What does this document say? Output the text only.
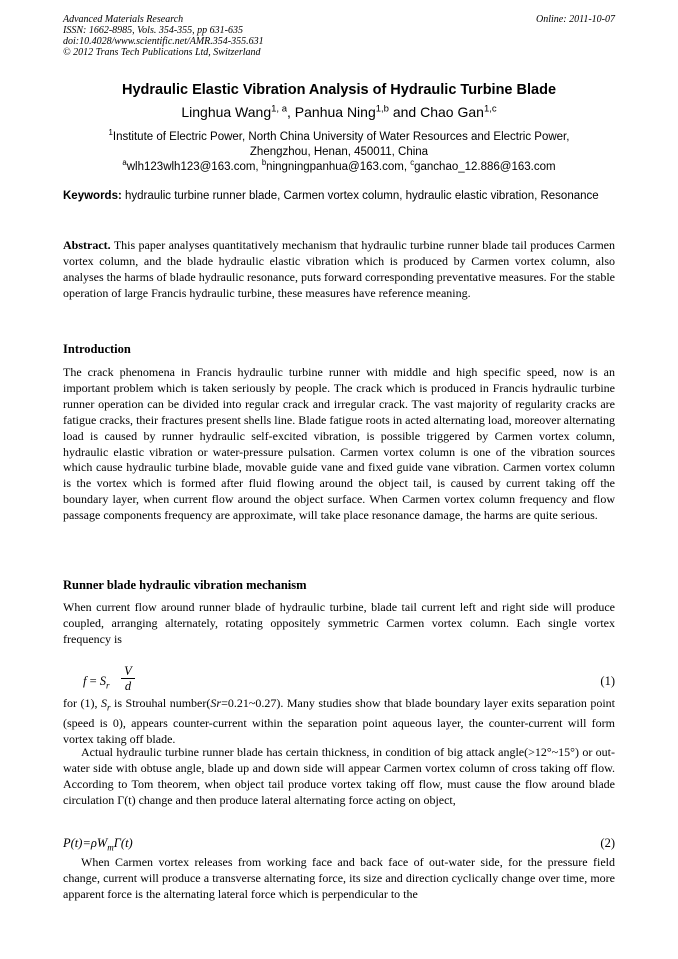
Advanced Materials Research
ISSN: 1662-8985, Vols. 354-355, pp 631-635
doi:10.4028/www.scientific.net/AMR.354-355.631
© 2012 Trans Tech Publications Ltd, Switzerland
Online: 2011-10-07
Hydraulic Elastic Vibration Analysis of Hydraulic Turbine Blade
Linghua Wang$^{1, a}$, Panhua Ning$^{1,b}$ and Chao Gan$^{1,c}$
$^1$Institute of Electric Power, North China University of Water Resources and Electric Power,
Zhengzhou, Henan, 450011, China
$^a$wlh123wlh123@163.com, $^b$ningningpanhua@163.com, $^c$ganchao_12.886@163.com
Keywords: hydraulic turbine runner blade, Carmen vortex column, hydraulic elastic vibration, Resonance

Abstract. This paper analyses quantitatively mechanism that hydraulic turbine runner blade tail produces Carmen vortex column, and the blade hydraulic elastic vibration which is produced by Carmen vortex column, also analyses the harms of blade hydraulic resonance, puts forward corresponding preventative measures. For the stable operation of large Francis hydraulic turbine, these measures have reference meaning.

Introduction

The crack phenomena in Francis hydraulic turbine runner with middle and high specific speed, now is an important problem which is taken seriously by people. The crack which is produced in Francis hydraulic turbine runner operation can be divided into regular crack and irregular crack. The vast majority of regularity cracks are fatigue cracks, their fractures present shells line. Blade fatigue roots in acted alternating load, moreover alternating load is caused by runner hydraulic self-excited vibration, is possible triggered by Carmen vortex column, hydraulic elastic vibration or water-pressure pulsation. Carmen vortex column is one of the vibration sources which cause hydraulic turbine blade, movable guide vane and fixed guide vane vibration. Carmen vortex column is the vortex which is formed after fluid flowing around the object tail, is caused by current taking off the boundary layer, when current flow around the object surface. When Carmen vortex column frequency and flow passage components frequency are approximate, will take place resonance damage, the harms are quite serious.

Runner blade hydraulic vibration mechanism

When current flow around runner blade of hydraulic turbine, blade tail current left and right side will produce coupled, arranging alternately, rotating oppositely symmetric Carmen vortex column. Each single vortex frequency is

$f = S_r$
V
d	(1)

for (1), $S_r$ is Strouhal number(Sr=0.21~0.27). Many studies show that blade boundary layer exits separation point (speed is 0), appears counter-current within the separation point aqueous layer, the counter-current will form vortex taking off blade.

Actual hydraulic turbine runner blade has certain thickness, in condition of big attack angle(>12°~15°) or out-water side with obtuse angle, blade up and down side will appear Carmen vortex column of cross taking off flow. According to Tom theorem, when object tail produce vortex taking off flow, must cause the flow around blade circulation Γ(t) change and then produce lateral alternating force acting on object,

$P(t)=\rho W_m\Gamma(t)$	(2)

When Carmen vortex releases from working face and back face of out-water side, for the pressure field change, current will produce a transverse alternating force, its size and direction cyclically change over time, more apparent force is the alternating lateral force which is perpendicular to the
